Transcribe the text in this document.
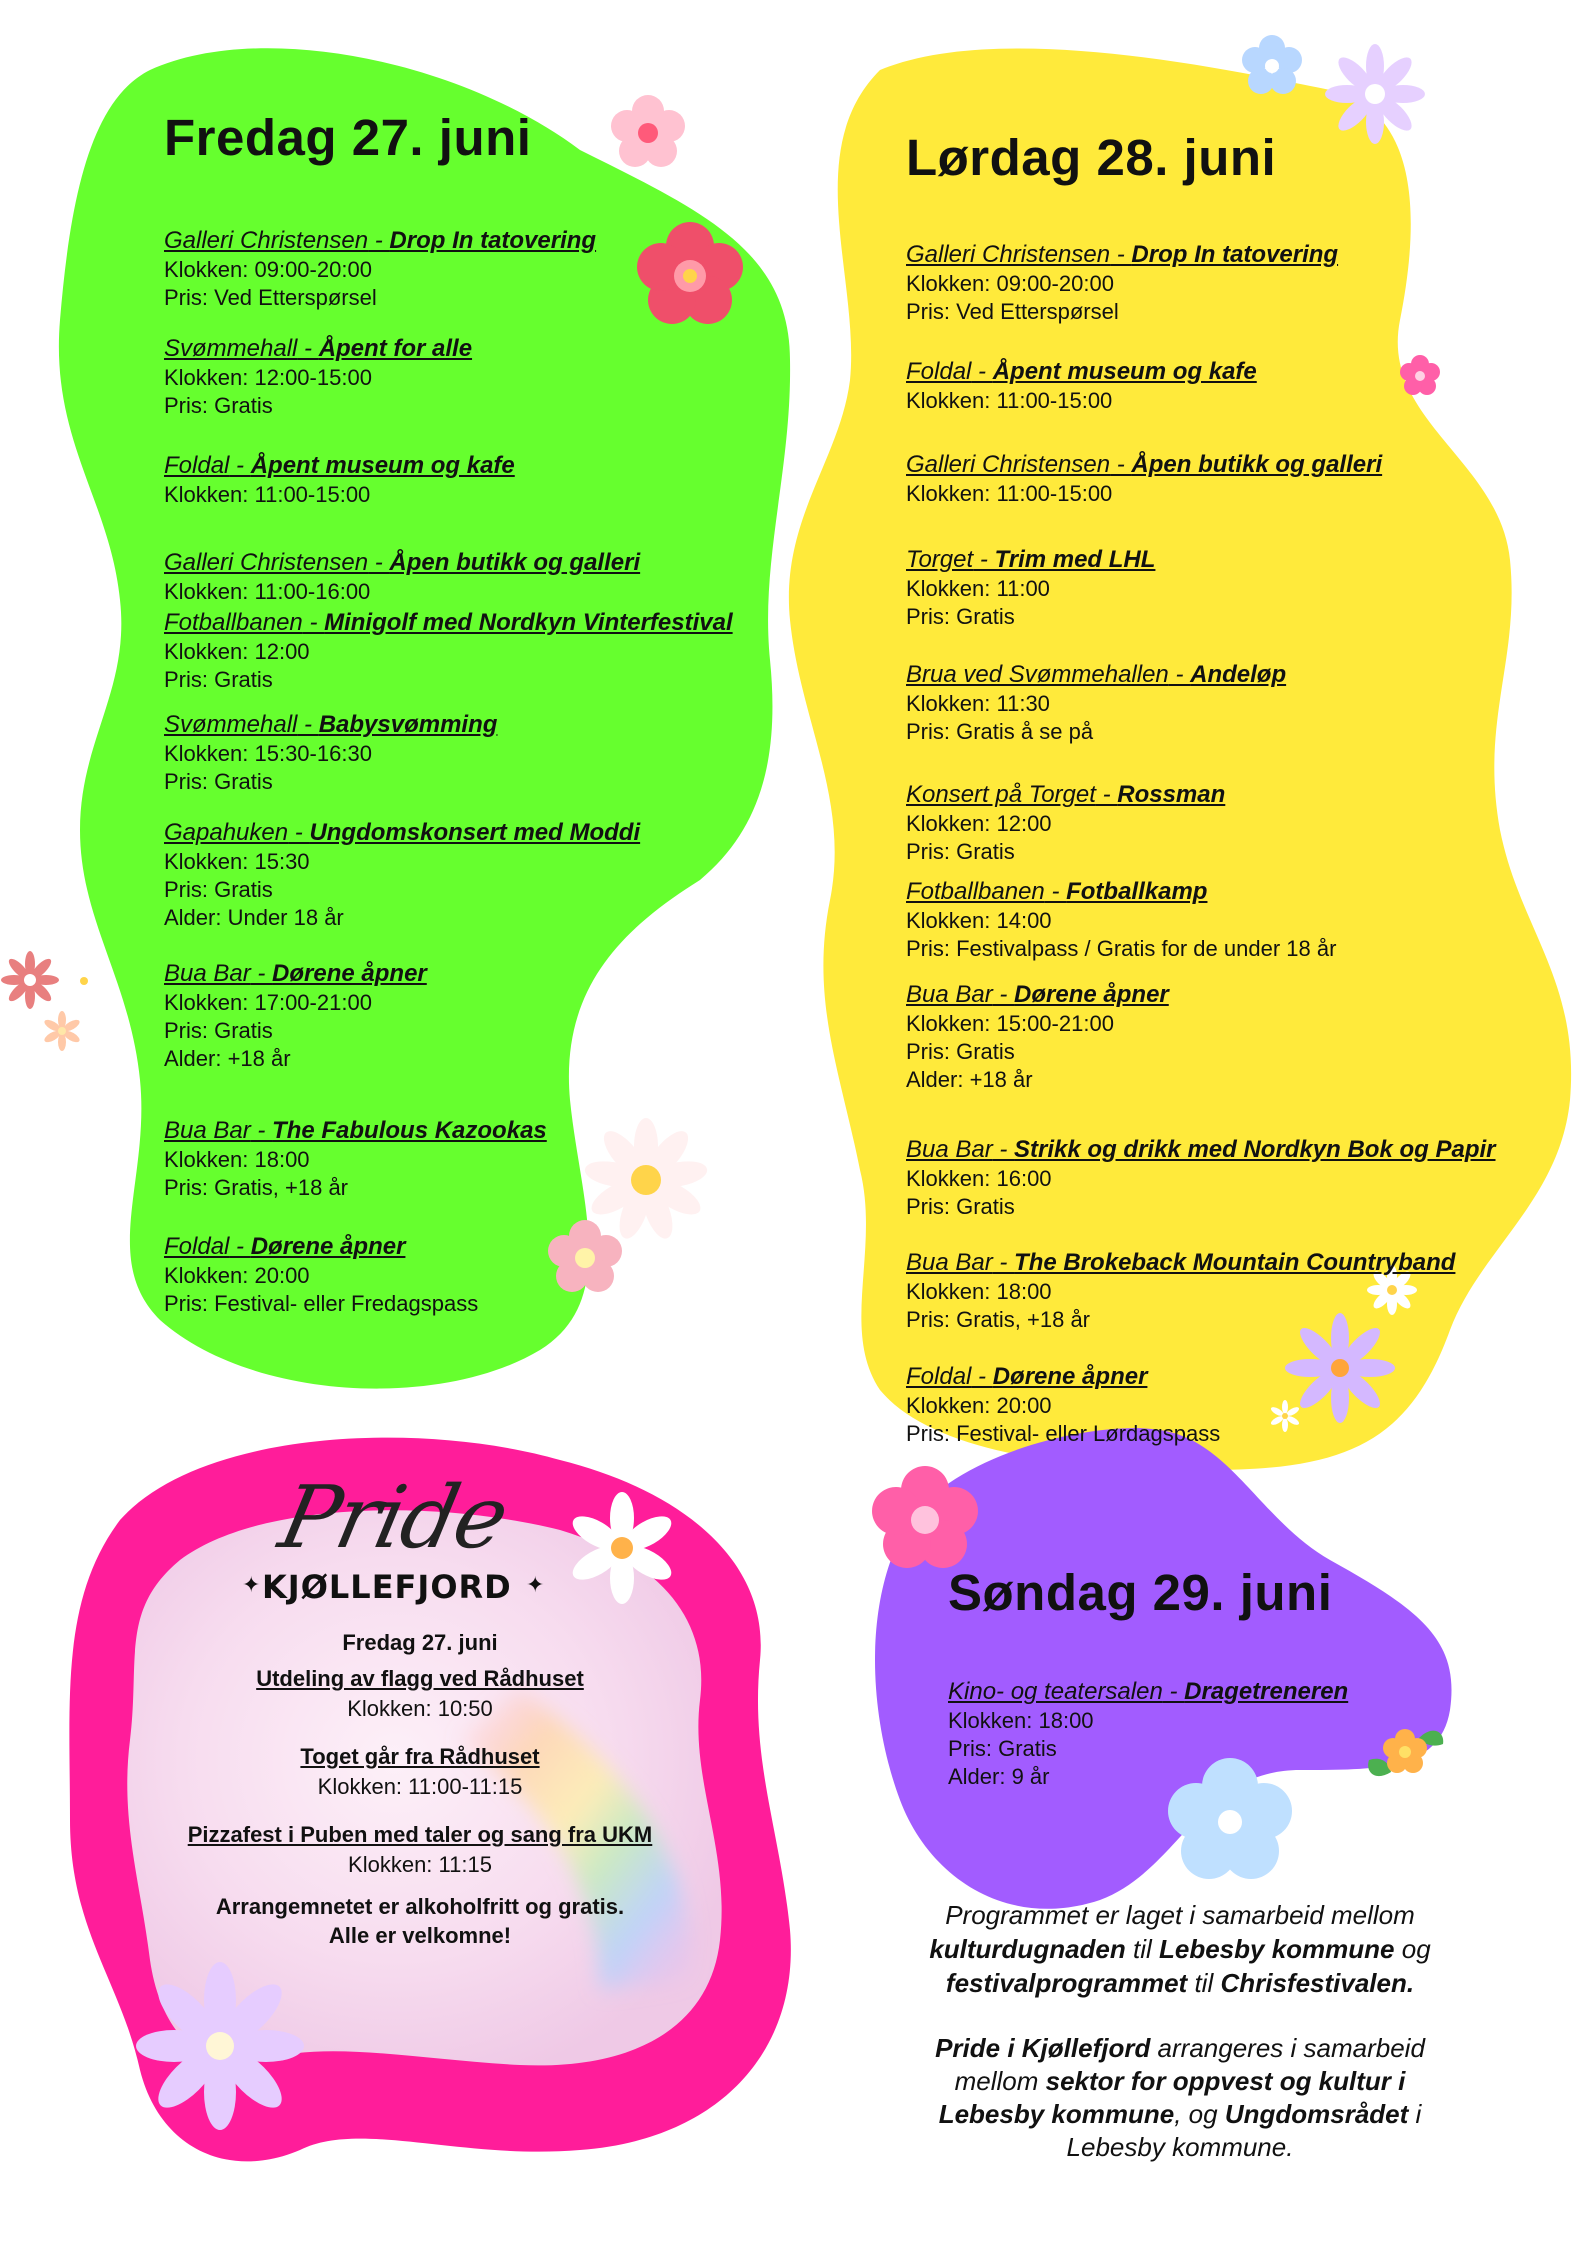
Fredag 27. juni
Galleri Christensen - Drop In tatovering
Klokken: 09:00-20:00
Pris: Ved Etterspørsel
Svømmehall - Åpent for alle
Klokken: 12:00-15:00
Pris: Gratis
Foldal - Åpent museum og kafe
Klokken: 11:00-15:00
Galleri Christensen - Åpen butikk og galleri
Klokken: 11:00-16:00
Fotballbanen - Minigolf med Nordkyn Vinterfestival
Klokken: 12:00
Pris: Gratis
Svømmehall - Babysvømming
Klokken: 15:30-16:30
Pris: Gratis
Gapahuken - Ungdomskonsert med Moddi
Klokken: 15:30
Pris: Gratis
Alder: Under 18 år
Bua Bar - Dørene åpner
Klokken: 17:00-21:00
Pris: Gratis
Alder: +18 år
Bua Bar - The Fabulous Kazookas
Klokken: 18:00
Pris: Gratis, +18 år
Foldal - Dørene åpner
Klokken: 20:00
Pris: Festival- eller Fredagspass
Lørdag 28. juni
Galleri Christensen - Drop In tatovering
Klokken: 09:00-20:00
Pris: Ved Etterspørsel
Foldal - Åpent museum og kafe
Klokken: 11:00-15:00
Galleri Christensen - Åpen butikk og galleri
Klokken: 11:00-15:00
Torget - Trim med LHL
Klokken: 11:00
Pris: Gratis
Brua ved Svømmehallen - Andeløp
Klokken: 11:30
Pris: Gratis å se på
Konsert på Torget - Rossman
Klokken: 12:00
Pris: Gratis
Fotballbanen - Fotballkamp
Klokken: 14:00
Pris: Festivalpass / Gratis for de under 18 år
Bua Bar - Dørene åpner
Klokken: 15:00-21:00
Pris: Gratis
Alder: +18 år
Bua Bar - Strikk og drikk med Nordkyn Bok og Papir
Klokken: 16:00
Pris: Gratis
Bua Bar - The Brokeback Mountain Countryband
Klokken: 18:00
Pris: Gratis, +18 år
Foldal - Dørene åpner
Klokken: 20:00
Pris: Festival- eller Lørdagspass
Søndag 29. juni
Kino- og teatersalen - Dragetreneren
Klokken: 18:00
Pris: Gratis
Alder: 9 år
Pride
KJØLLEFJORD
✦	✦
Fredag 27. juni
Utdeling av flagg ved Rådhuset
Klokken: 10:50
Toget går fra Rådhuset
Klokken: 11:00-11:15
Pizzafest i Puben med taler og sang fra UKM
Klokken: 11:15
Arrangemnetet er alkoholfritt og gratis.
Alle er velkomne!
Programmet er laget i samarbeid mellom
kulturdugnaden til Lebesby kommune og
festivalprogrammet til Chrisfestivalen.
Pride i Kjøllefjord arrangeres i samarbeid
mellom sektor for oppvest og kultur i
Lebesby kommune, og Ungdomsrådet i
Lebesby kommune.
